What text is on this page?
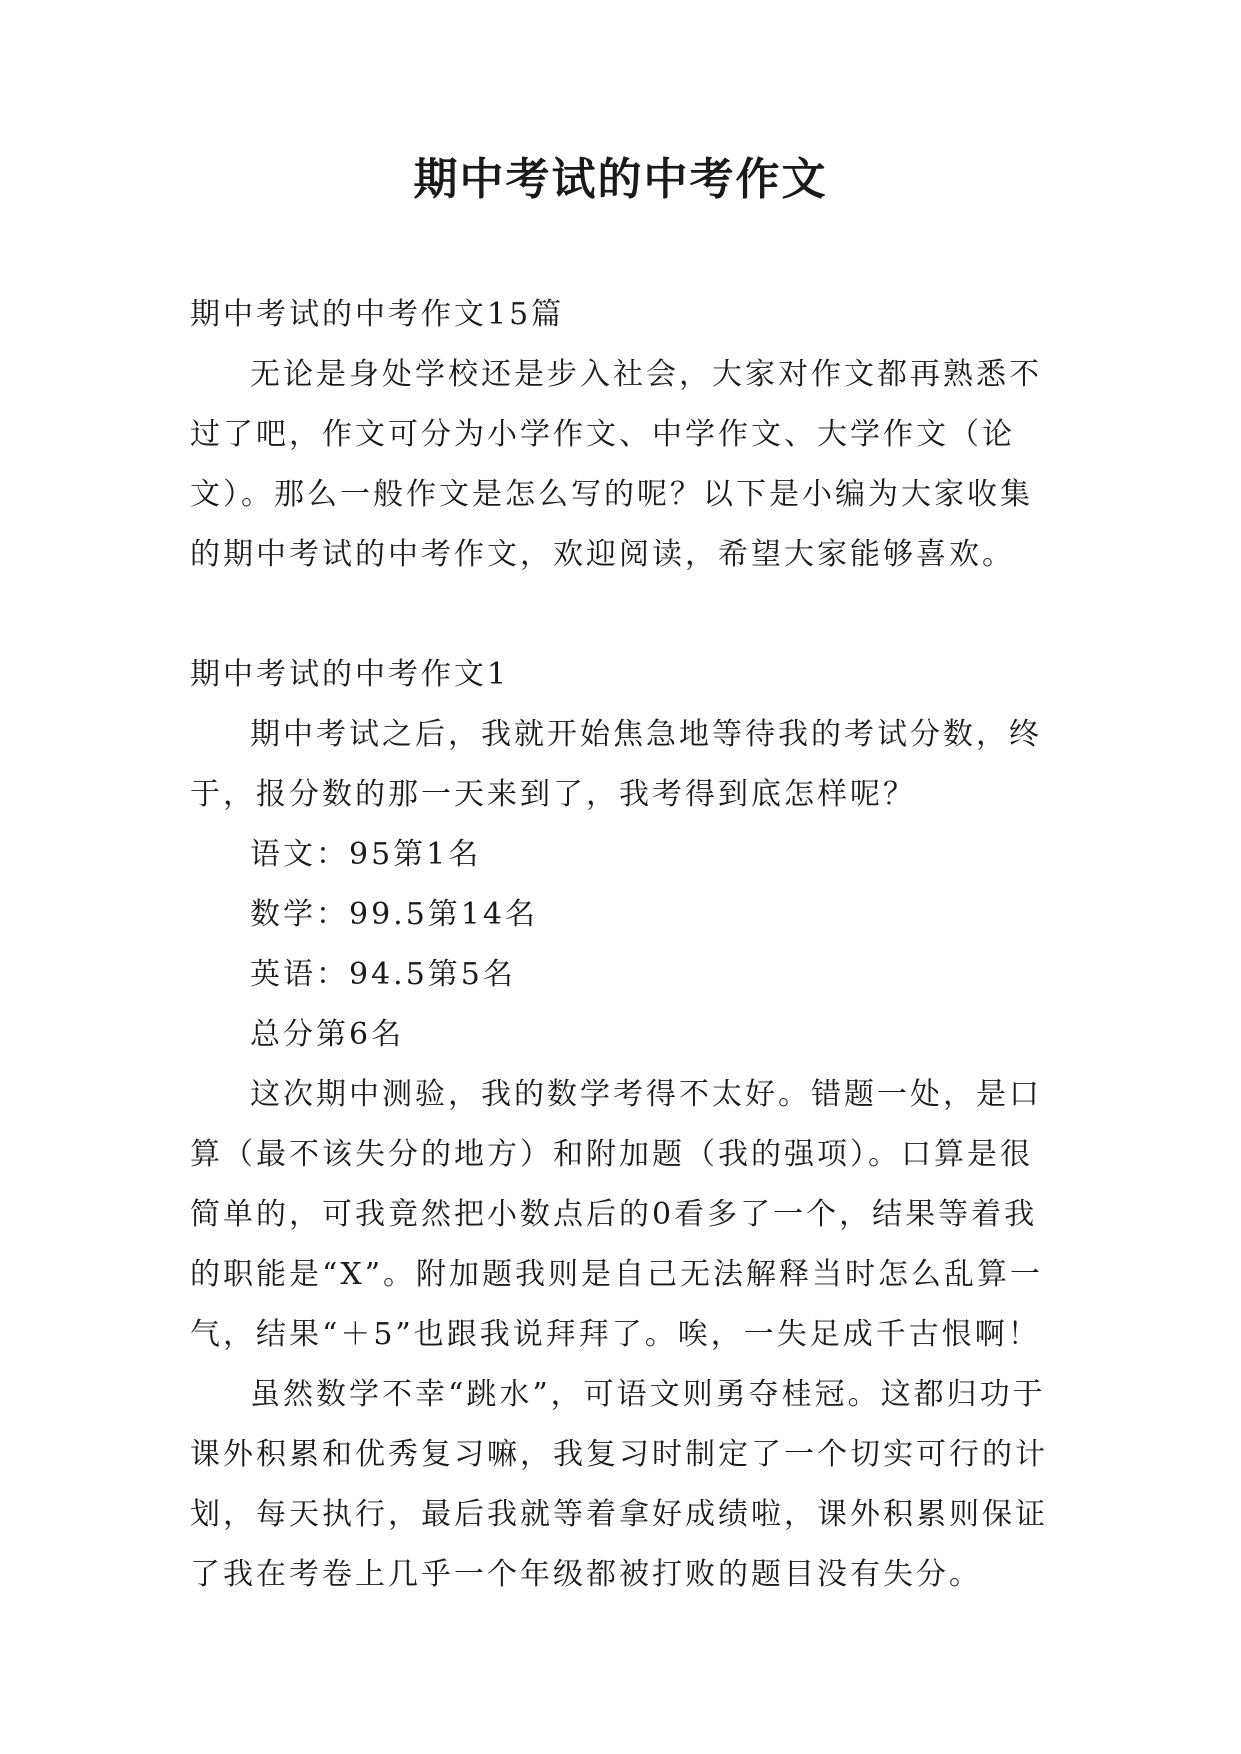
期中考试的中考作文

期中考试的中考作文15篇

无论是身处学校还是步入社会，大家对作文都再熟悉不过了吧，作文可分为小学作文、中学作文、大学作文（论文）。那么一般作文是怎么写的呢？以下是小编为大家收集的期中考试的中考作文，欢迎阅读，希望大家能够喜欢。

期中考试的中考作文1

期中考试之后，我就开始焦急地等待我的考试分数，终于，报分数的那一天来到了，我考得到底怎样呢？

语文：95第1名

数学：99.5第14名

英语：94.5第5名

总分第6名

这次期中测验，我的数学考得不太好。错题一处，是口算（最不该失分的地方）和附加题（我的强项）。口算是很简单的，可我竟然把小数点后的0看多了一个，结果等着我的职能是“X”。附加题我则是自己无法解释当时怎么乱算一气，结果“＋5”也跟我说拜拜了。唉，一失足成千古恨啊！

虽然数学不幸“跳水”，可语文则勇夺桂冠。这都归功于课外积累和优秀复习嘛，我复习时制定了一个切实可行的计划，每天执行，最后我就等着拿好成绩啦，课外积累则保证了我在考卷上几乎一个年级都被打败的题目没有失分。
